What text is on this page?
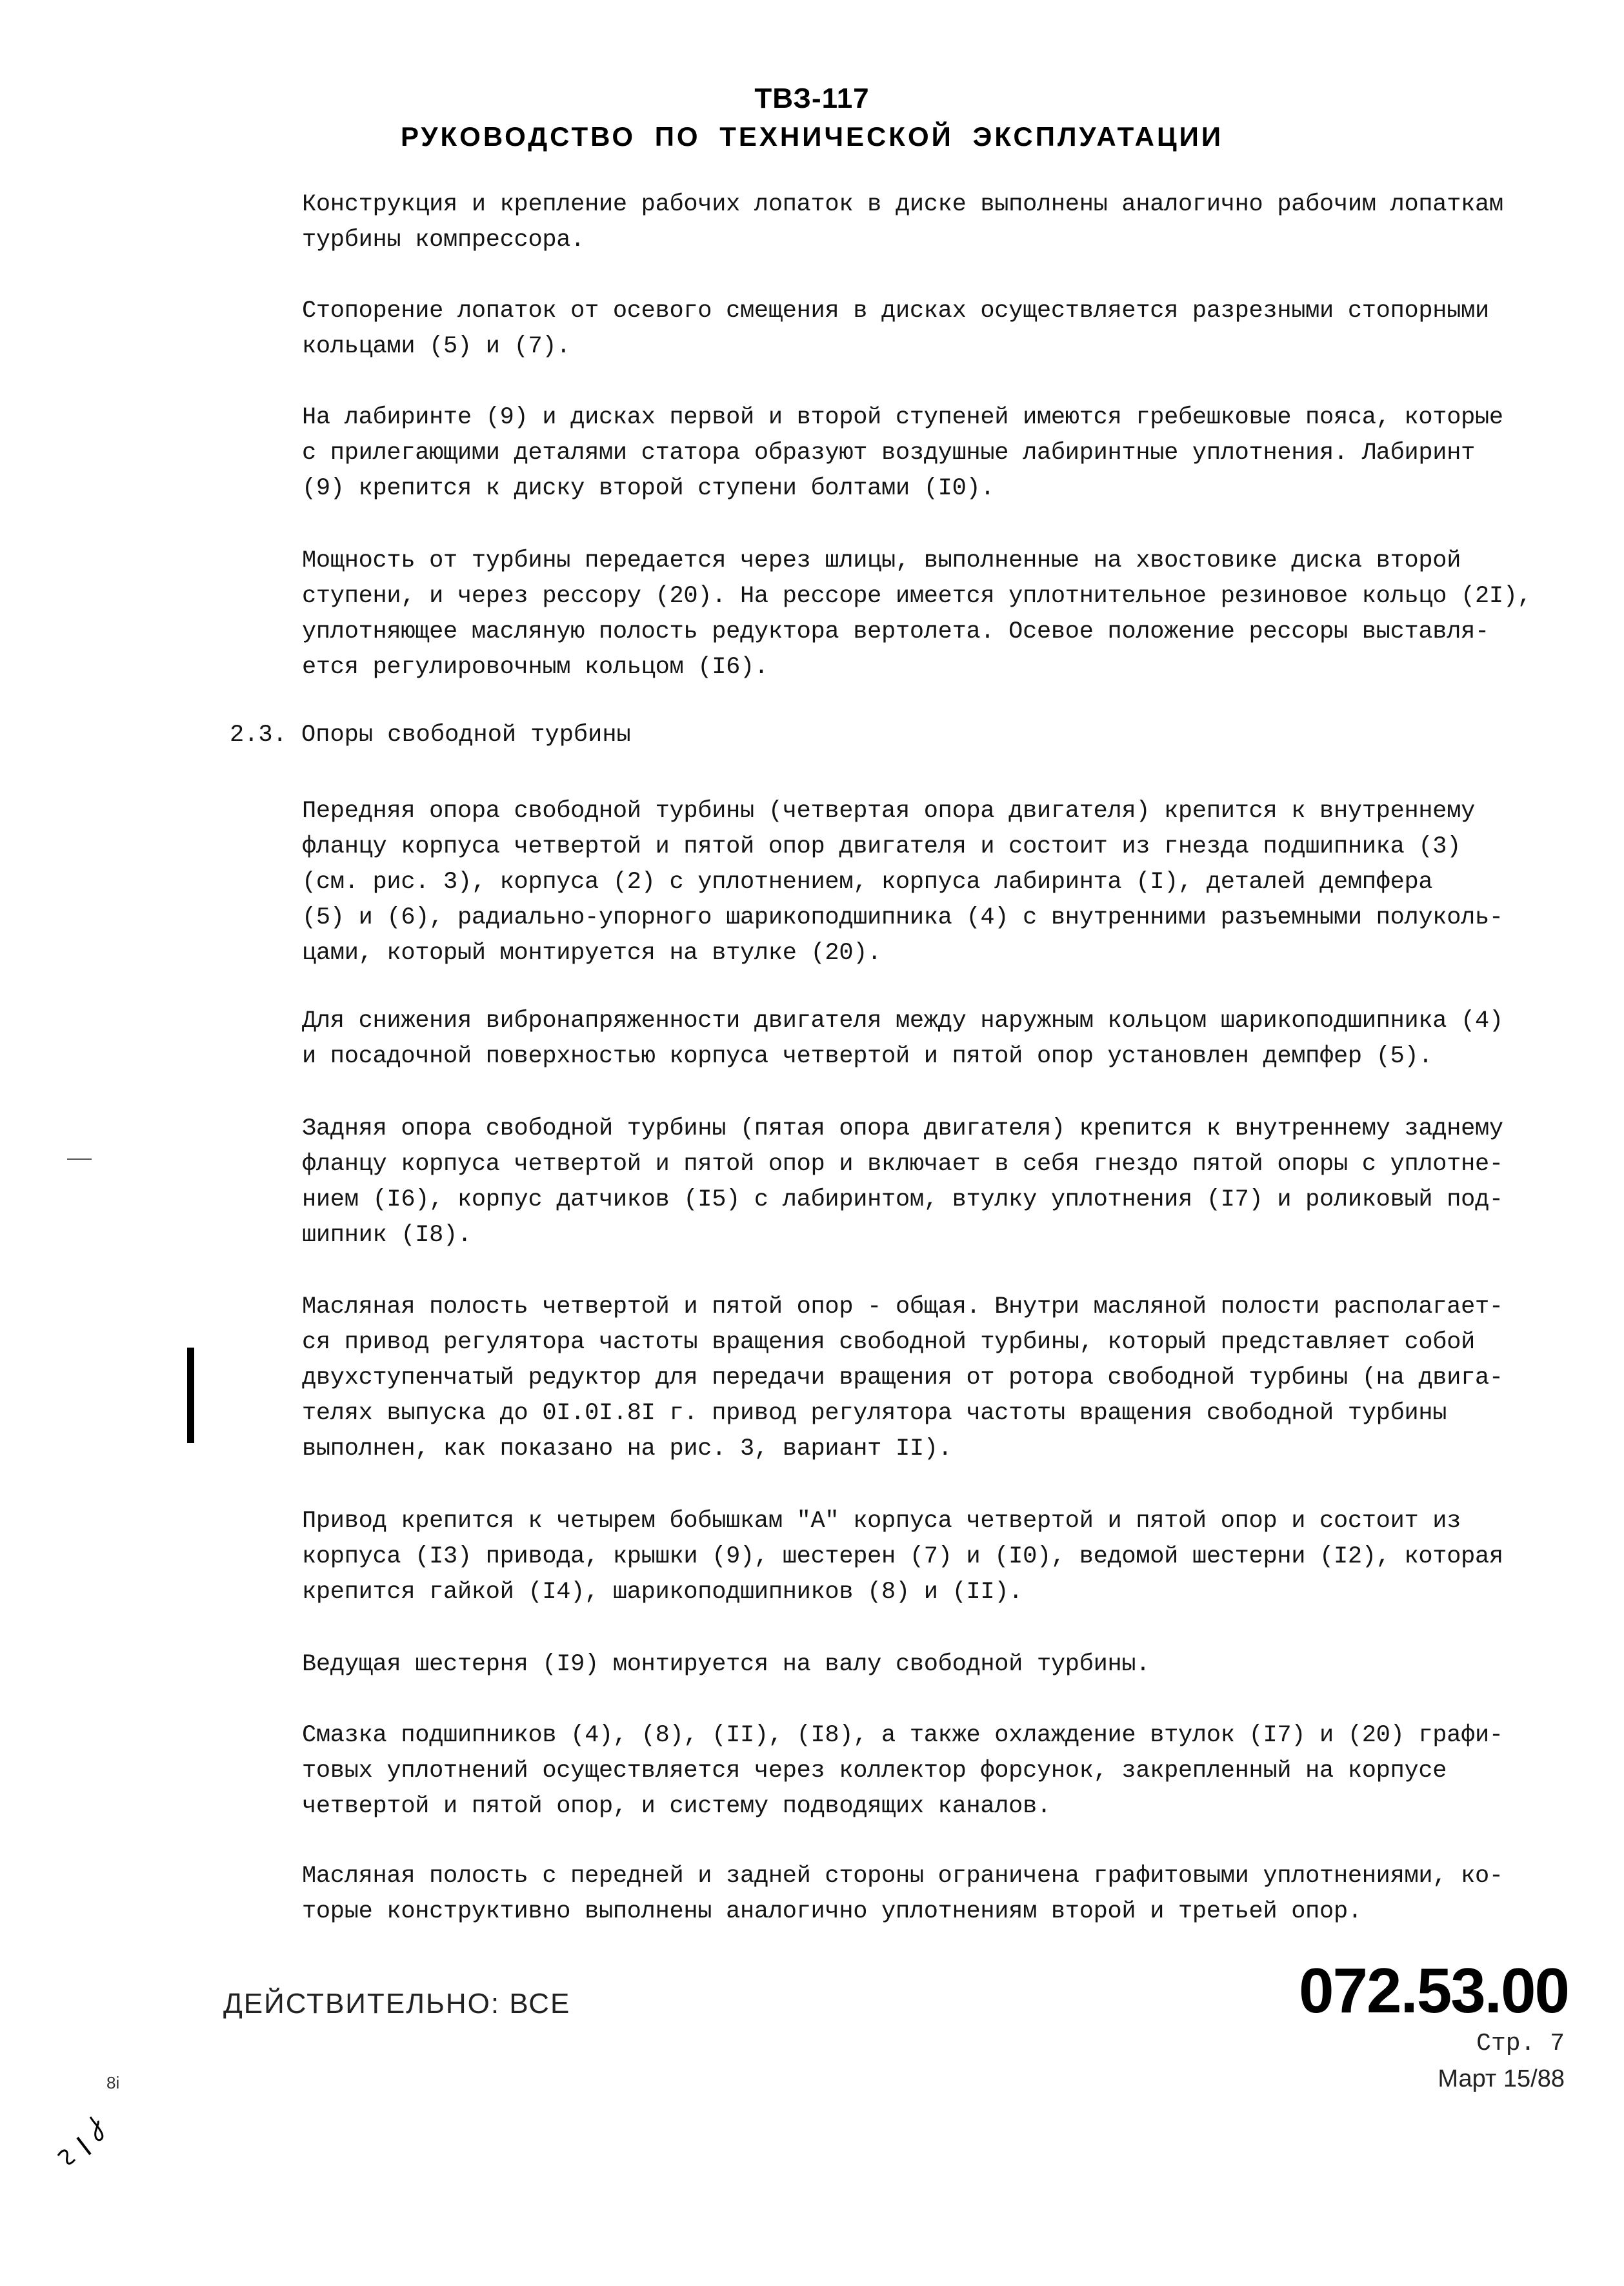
ТВЗ-117
РУКОВОДСТВО ПО ТЕХНИЧЕСКОЙ ЭКСПЛУАТАЦИИ
Конструкция и крепление рабочих лопаток в диске выполнены аналогично рабочим лопаткам
турбины компрессора.
Стопорение лопаток от осевого смещения в дисках осуществляется разрезными стопорными
кольцами (5) и (7).
На лабиринте (9) и дисках первой и второй ступеней имеются гребешковые пояса, которые
с прилегающими деталями статора образуют воздушные лабиринтные уплотнения. Лабиринт
(9) крепится к диску второй ступени болтами (I0).
Мощность от турбины передается через шлицы, выполненные на хвостовике диска второй
ступени, и через рессору (20). На рессоре имеется уплотнительное резиновое кольцо (2I),
уплотняющее масляную полость редуктора вертолета. Осевое положение рессоры выставля-
ется регулировочным кольцом (I6).
Передняя опора свободной турбины (четвертая опора двигателя) крепится к внутреннему
фланцу корпуса четвертой и пятой опор двигателя и состоит из гнезда подшипника (3)
(см. рис. 3), корпуса (2) с уплотнением, корпуса лабиринта (I), деталей демпфера
(5) и (6), радиально-упорного шарикоподшипника (4) с внутренними разъемными полуколь-
цами, который монтируется на втулке (20).
Для снижения вибронапряженности двигателя между наружным кольцом шарикоподшипника (4)
и посадочной поверхностью корпуса четвертой и пятой опор установлен демпфер (5).
Задняя опора свободной турбины (пятая опора двигателя) крепится к внутреннему заднему
фланцу корпуса четвертой и пятой опор и включает в себя гнездо пятой опоры с уплотне-
нием (I6), корпус датчиков (I5) с лабиринтом, втулку уплотнения (I7) и роликовый под-
шипник (I8).
Масляная полость четвертой и пятой опор - общая. Внутри масляной полости располагает-
ся привод регулятора частоты вращения свободной турбины, который представляет собой
двухступенчатый редуктор для передачи вращения от ротора свободной турбины (на двига-
телях выпуска до 0I.0I.8I г. привод регулятора частоты вращения свободной турбины
выполнен, как показано на рис. 3, вариант II).
Привод крепится к четырем бобышкам "А" корпуса четвертой и пятой опор и состоит из
корпуса (I3) привода, крышки (9), шестерен (7) и (I0), ведомой шестерни (I2), которая
крепится гайкой (I4), шарикоподшипников (8) и (II).
Ведущая шестерня (I9) монтируется на валу свободной турбины.
Смазка подшипников (4), (8), (II), (I8), а также охлаждение втулок (I7) и (20) графи-
товых уплотнений осуществляется через коллектор форсунок, закрепленный на корпусе
четвертой и пятой опор, и систему подводящих каналов.
Масляная полость с передней и задней стороны ограничена графитовыми уплотнениями, ко-
торые конструктивно выполнены аналогично уплотнениям второй и третьей опор.
2.3. Опоры свободной турбины
ДЕЙСТВИТЕЛЬНО: ВСЕ	072.53.00
Стр. 7
Март 15/88
8i
